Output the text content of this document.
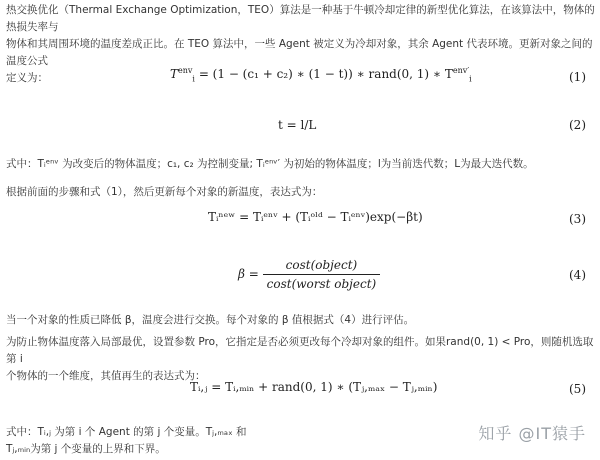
热交换优化（Thermal Exchange Optimization，TEO）算法是一种基于牛顿冷却定律的新型优化算法，在该算法中，物体的热损失率与
物体和其周围环境的温度差成正比。在 TEO 算法中，一些 Agent 被定义为冷却对象，其余 Agent 代表环境。更新对象之间的温度公式
定义为：	$T^{env}_i = (1 - (c_1 + c_2)$ ∗ (1 − t)) ∗ rand(0, 1) ∗ $T^{env'}_i$	(1)
t = l/L	(2)
式中：Tᵢᵉⁿᵛ 为改变后的物体温度；c₁, c₂ 为控制变量; Tᵢᵉⁿᵛ′ 为初始的物体温度；l为当前迭代数；L为最大迭代数。
根据前面的步骤和式（1），然后更新每个对象的新温度，表达式为：
Tᵢⁿᵉʷ = Tᵢᵉⁿᵛ + (Tᵢᵒˡᵈ − Tᵢᵉⁿᵛ)exp(−βt)	(3)
$\beta = \frac{\text{cost(object)}}{\text{cost(worst object)}}$	(4)
当一个对象的性质已降低 β，温度会进行交换。每个对象的 β 值根据式（4）进行评估。
为防止物体温度落入局部最优，设置参数 Pro，它指定是否必须更改每个冷却对象的组件。如果rand(0, 1) < Pro，则随机选取第 i
个物体的一个维度，其值再生的表达式为：
Tᵢ,ⱼ = Tᵢ,ₘᵢₙ + rand(0, 1) ∗ (Tⱼ,ₘₐₓ − Tⱼ,ₘᵢₙ)	(5)
式中：Tᵢ,ⱼ 为第 i 个 Agent 的第 j 个变量。Tⱼ,ₘₐₓ 和
Tⱼ,ₘᵢₙ为第 j 个变量的上界和下界。
知乎 @IT猿手
